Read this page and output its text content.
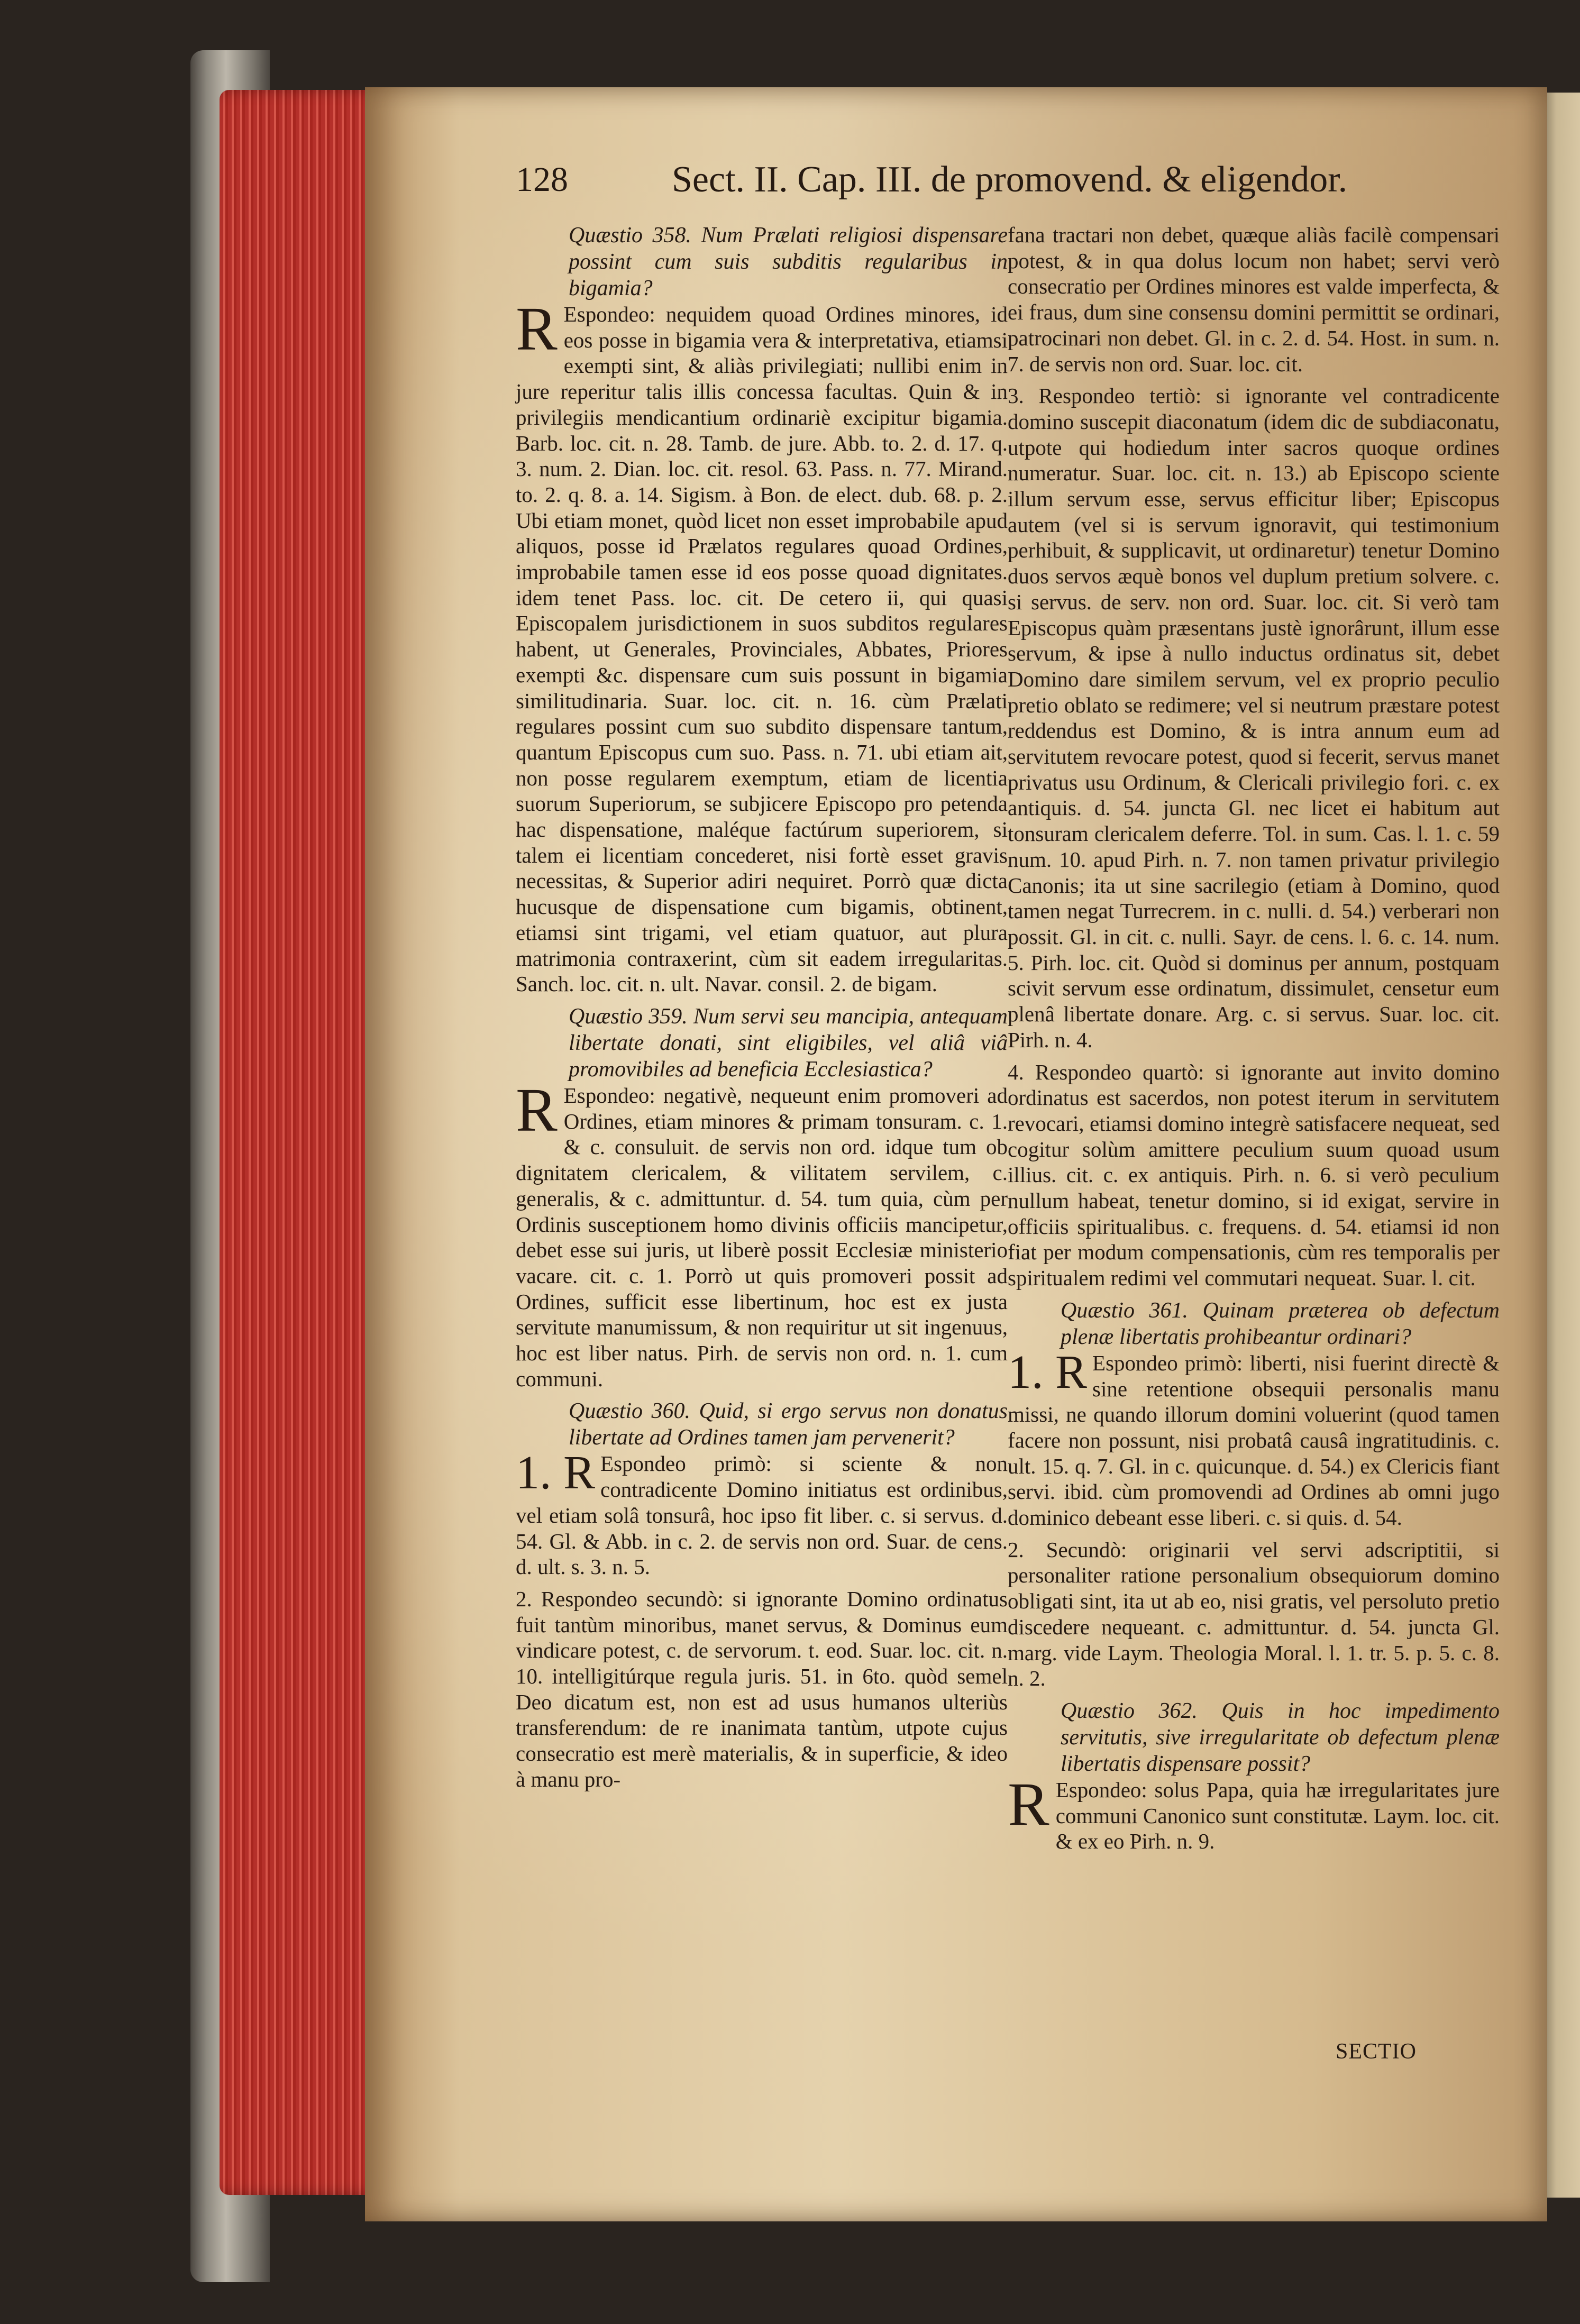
128	Sect. II. Cap. III. de promovend. & eligendor.

Quæstio 358. Num Prælati religiosi dispensare possint cum suis subditis regularibus in bigamia?

R Espondeo: nequidem quoad Ordines minores, id eos posse in bigamia vera & interpretativa, etiamsi exempti sint, & aliàs privilegiati; nullibi enim in jure reperitur talis illis concessa facultas. Quin & in privilegiis mendicantium ordinariè excipitur bigamia. Barb. loc. cit. n. 28. Tamb. de jure. Abb. to. 2. d. 17. q. 3. num. 2. Dian. loc. cit. resol. 63. Pass. n. 77. Mirand. to. 2. q. 8. a. 14. Sigism. à Bon. de elect. dub. 68. p. 2. Ubi etiam monet, quòd licet non esset improbabile apud aliquos, posse id Prælatos regulares quoad Ordines, improbabile tamen esse id eos posse quoad dignitates. idem tenet Pass. loc. cit. De cetero ii, qui quasi Episcopalem jurisdictionem in suos subditos regulares habent, ut Generales, Provinciales, Abbates, Priores exempti &c. dispensare cum suis possunt in bigamia similitudinaria. Suar. loc. cit. n. 16. cùm Prælati regulares possint cum suo subdito dispensare tantum, quantum Episcopus cum suo. Pass. n. 71. ubi etiam ait, non posse regularem exemptum, etiam de licentia suorum Superiorum, se subjicere Episcopo pro petenda hac dispensatione, maléque factúrum superiorem, si talem ei licentiam concederet, nisi fortè esset gravis necessitas, & Superior adiri nequiret. Porrò quæ dicta hucusque de dispensatione cum bigamis, obtinent, etiamsi sint trigami, vel etiam quatuor, aut plura matrimonia contraxerint, cùm sit eadem irregularitas. Sanch. loc. cit. n. ult. Navar. consil. 2. de bigam.

Quæstio 359. Num servi seu mancipia, antequam libertate donati, sint eligibiles, vel aliâ viâ promovibiles ad beneficia Ecclesiastica?

R Espondeo: negativè, nequeunt enim promoveri ad Ordines, etiam minores & primam tonsuram. c. 1. & c. consuluit. de servis non ord. idque tum ob dignitatem clericalem, & vilitatem servilem, c. generalis, & c. admittuntur. d. 54. tum quia, cùm per Ordinis susceptionem homo divinis officiis mancipetur, debet esse sui juris, ut liberè possit Ecclesiæ ministerio vacare. cit. c. 1. Porrò ut quis promoveri possit ad Ordines, sufficit esse libertinum, hoc est ex justa servitute manumissum, & non requiritur ut sit ingenuus, hoc est liber natus. Pirh. de servis non ord. n. 1. cum communi.

Quæstio 360. Quid, si ergo servus non donatus libertate ad Ordines tamen jam pervenerit?

1. R Espondeo primò: si sciente & non contradicente Domino initiatus est ordinibus, vel etiam solâ tonsurâ, hoc ipso fit liber. c. si servus. d. 54. Gl. & Abb. in c. 2. de servis non ord. Suar. de cens. d. ult. s. 3. n. 5.

2. Respondeo secundò: si ignorante Domino ordinatus fuit tantùm minoribus, manet servus, & Dominus eum vindicare potest, c. de servorum. t. eod. Suar. loc. cit. n. 10. intelligitúrque regula juris. 51. in 6to. quòd semel Deo dicatum est, non est ad usus humanos ulteriùs transferendum: de re inanimata tantùm, utpote cujus consecratio est merè materialis, & in superficie, & ideo à manu pro-

fana tractari non debet, quæque aliàs facilè compensari potest, & in qua dolus locum non habet; servi verò consecratio per Ordines minores est valde imperfecta, & ei fraus, dum sine consensu domini permittit se ordinari, patrocinari non debet. Gl. in c. 2. d. 54. Host. in sum. n. 7. de servis non ord. Suar. loc. cit.

3. Respondeo tertiò: si ignorante vel contradicente domino suscepit diaconatum (idem dic de subdiaconatu, utpote qui hodiedum inter sacros quoque ordines numeratur. Suar. loc. cit. n. 13.) ab Episcopo sciente illum servum esse, servus efficitur liber; Episcopus autem (vel si is servum ignoravit, qui testimonium perhibuit, & supplicavit, ut ordinaretur) tenetur Domino duos servos æquè bonos vel duplum pretium solvere. c. si servus. de serv. non ord. Suar. loc. cit. Si verò tam Episcopus quàm præsentans justè ignorârunt, illum esse servum, & ipse à nullo inductus ordinatus sit, debet Domino dare similem servum, vel ex proprio peculio pretio oblato se redimere; vel si neutrum præstare potest reddendus est Domino, & is intra annum eum ad servitutem revocare potest, quod si fecerit, servus manet privatus usu Ordinum, & Clericali privilegio fori. c. ex antiquis. d. 54. juncta Gl. nec licet ei habitum aut tonsuram clericalem deferre. Tol. in sum. Cas. l. 1. c. 59 num. 10. apud Pirh. n. 7. non tamen privatur privilegio Canonis; ita ut sine sacrilegio (etiam à Domino, quod tamen negat Turrecrem. in c. nulli. d. 54.) verberari non possit. Gl. in cit. c. nulli. Sayr. de cens. l. 6. c. 14. num. 5. Pirh. loc. cit. Quòd si dominus per annum, postquam scivit servum esse ordinatum, dissimulet, censetur eum plenâ libertate donare. Arg. c. si servus. Suar. loc. cit. Pirh. n. 4.

4. Respondeo quartò: si ignorante aut invito domino ordinatus est sacerdos, non potest iterum in servitutem revocari, etiamsi domino integrè satisfacere nequeat, sed cogitur solùm amittere peculium suum quoad usum illius. cit. c. ex antiquis. Pirh. n. 6. si verò peculium nullum habeat, tenetur domino, si id exigat, servire in officiis spiritualibus. c. frequens. d. 54. etiamsi id non fiat per modum compensationis, cùm res temporalis per spiritualem redimi vel commutari nequeat. Suar. l. cit.

Quæstio 361. Quinam præterea ob defectum plenæ libertatis prohibeantur ordinari?

1. R Espondeo primò: liberti, nisi fuerint directè & sine retentione obsequii personalis manu missi, ne quando illorum domini voluerint (quod tamen facere non possunt, nisi probatâ causâ ingratitudinis. c. ult. 15. q. 7. Gl. in c. quicunque. d. 54.) ex Clericis fiant servi. ibid. cùm promovendi ad Ordines ab omni jugo dominico debeant esse liberi. c. si quis. d. 54.

2. Secundò: originarii vel servi adscriptitii, si personaliter ratione personalium obsequiorum domino obligati sint, ita ut ab eo, nisi gratis, vel persoluto pretio discedere nequeant. c. admittuntur. d. 54. juncta Gl. marg. vide Laym. Theologia Moral. l. 1. tr. 5. p. 5. c. 8. n. 2.

Quæstio 362. Quis in hoc impedimento servitutis, sive irregularitate ob defectum plenæ libertatis dispensare possit?

R Espondeo: solus Papa, quia hæ irregularitates jure communi Canonico sunt constitutæ. Laym. loc. cit. & ex eo Pirh. n. 9.

SECTIO
